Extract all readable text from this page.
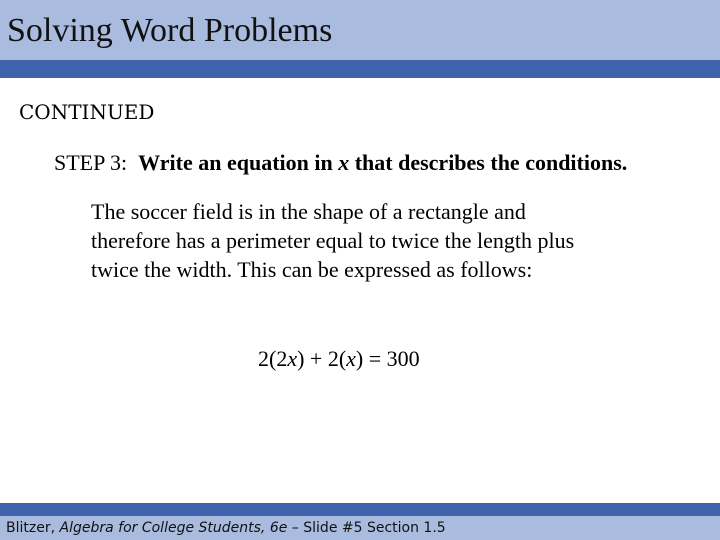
Solving Word Problems
CONTINUED
STEP 3: Write an equation in x that describes the conditions.
The soccer field is in the shape of a rectangle and
therefore has a perimeter equal to twice the length plus
twice the width. This can be expressed as follows:
2(2x) + 2(x) = 300
Blitzer, Algebra for College Students, 6e – Slide #5 Section 1.5
